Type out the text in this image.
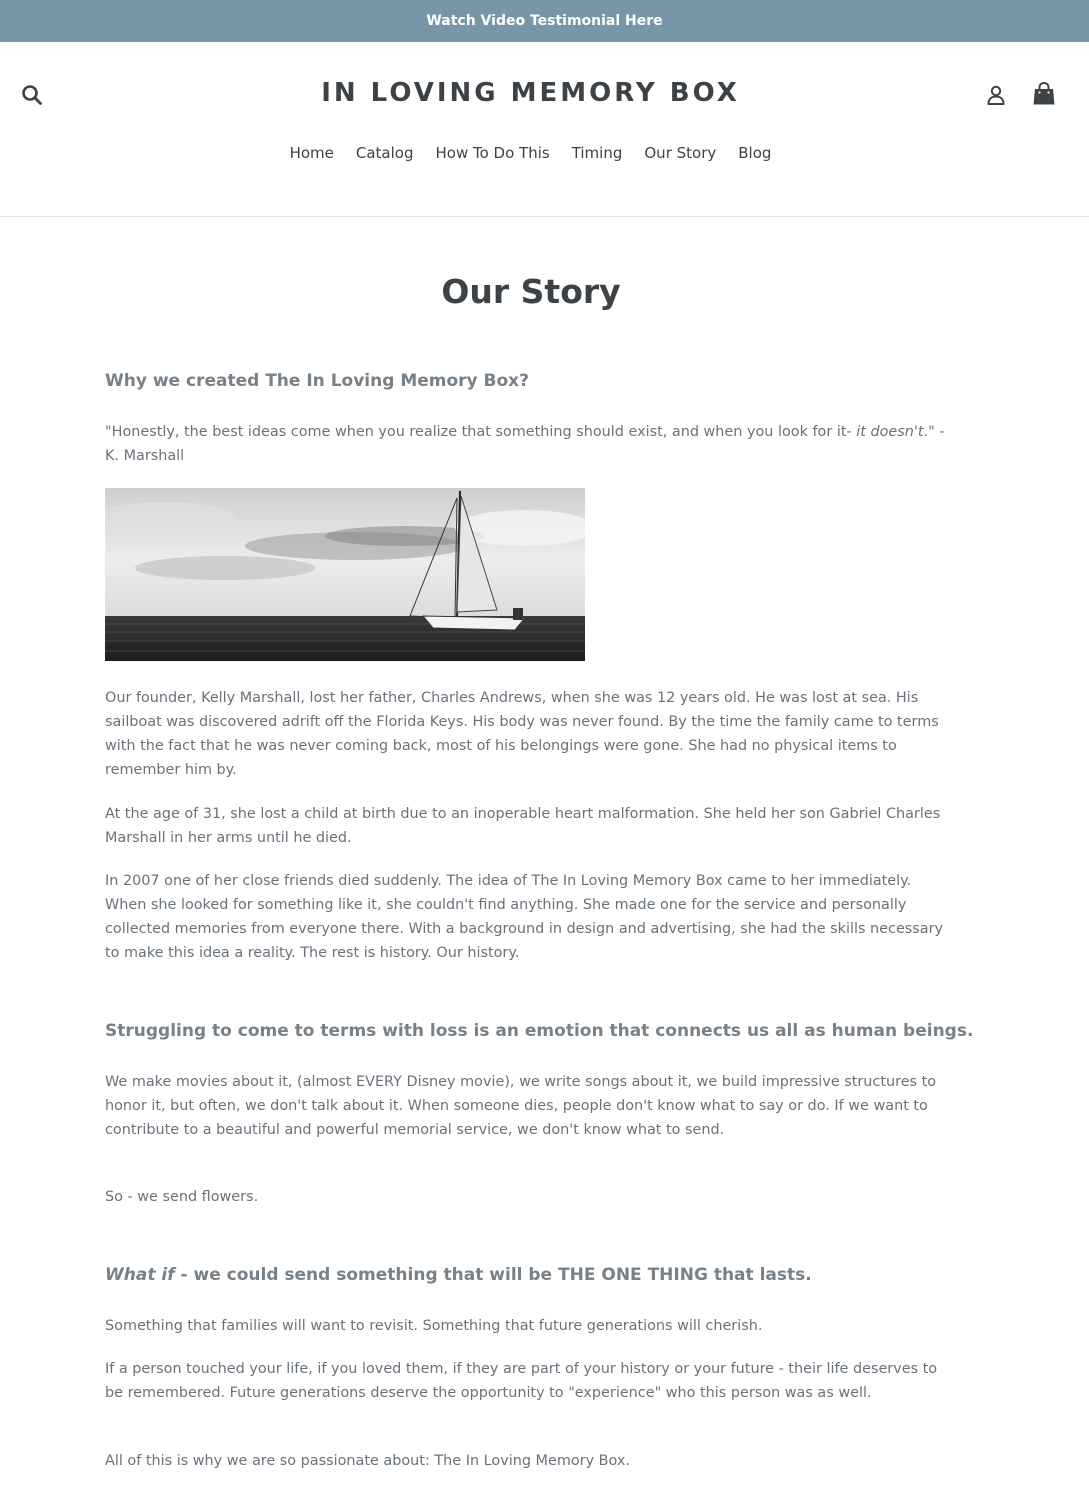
Watch Video Testimonial Here
IN LOVING MEMORY BOX
Home Catalog How To Do This Timing Our Story Blog
Our Story
Why we created The In Loving Memory Box?

"Honestly, the best ideas come when you realize that something should exist, and when you look for it- it doesn't." - K. Marshall

Our founder, Kelly Marshall, lost her father, Charles Andrews, when she was 12 years old. He was lost at sea. His sailboat was discovered adrift off the Florida Keys. His body was never found. By the time the family came to terms with the fact that he was never coming back, most of his belongings were gone. She had no physical items to remember him by.

At the age of 31, she lost a child at birth due to an inoperable heart malformation. She held her son Gabriel Charles Marshall in her arms until he died.

In 2007 one of her close friends died suddenly. The idea of The In Loving Memory Box came to her immediately. When she looked for something like it, she couldn't find anything. She made one for the service and personally collected memories from everyone there. With a background in design and advertising, she had the skills necessary to make this idea a reality. The rest is history. Our history.

Struggling to come to terms with loss is an emotion that connects us all as human beings.

We make movies about it, (almost EVERY Disney movie), we write songs about it, we build impressive structures to honor it, but often, we don't talk about it. When someone dies, people don't know what to say or do. If we want to contribute to a beautiful and powerful memorial service, we don't know what to send.

So - we send flowers.

What if - we could send something that will be THE ONE THING that lasts.

Something that families will want to revisit. Something that future generations will cherish.

If a person touched your life, if you loved them, if they are part of your history or your future - their life deserves to be remembered. Future generations deserve the opportunity to "experience" who this person was as well.

All of this is why we are so passionate about: The In Loving Memory Box.
